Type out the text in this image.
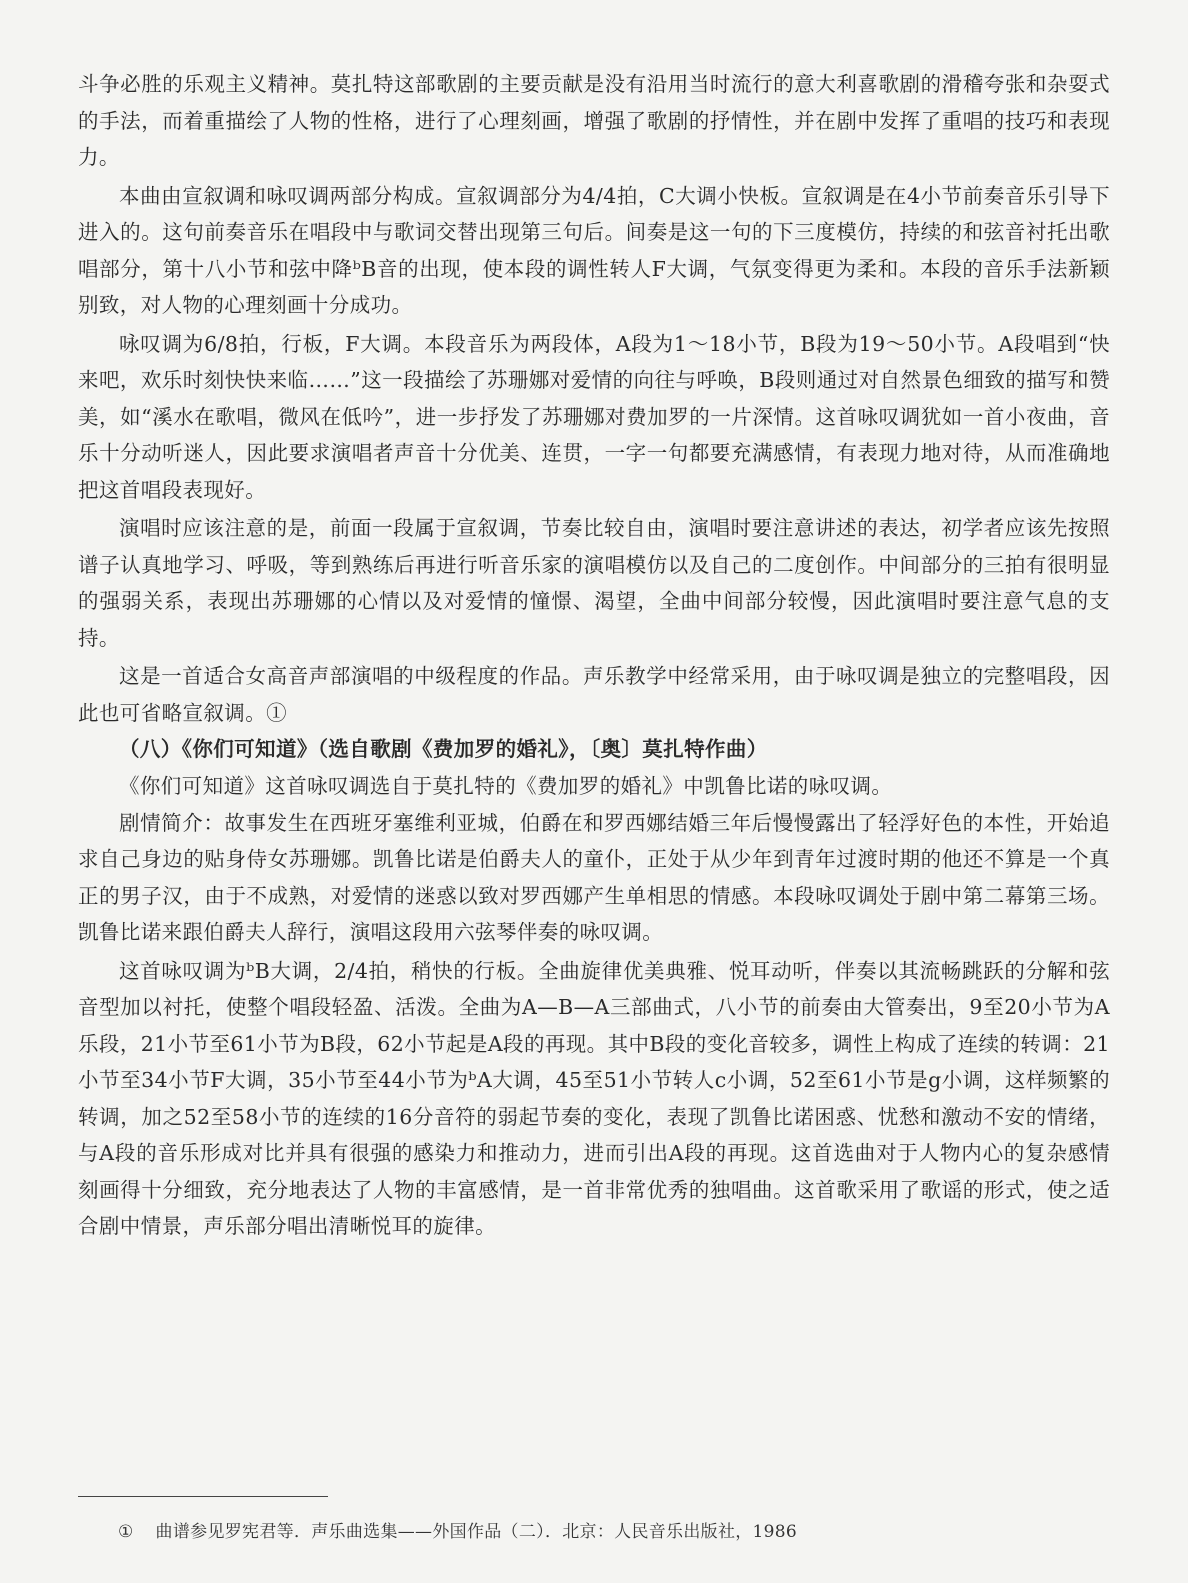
斗争必胜的乐观主义精神。莫扎特这部歌剧的主要贡献是没有沿用当时流行的意大利喜歌剧的滑稽夸张和杂耍式的手法，而着重描绘了人物的性格，进行了心理刻画，增强了歌剧的抒情性，并在剧中发挥了重唱的技巧和表现力。

本曲由宣叙调和咏叹调两部分构成。宣叙调部分为4/4拍，C大调小快板。宣叙调是在4小节前奏音乐引导下进入的。这句前奏音乐在唱段中与歌词交替出现第三句后。间奏是这一句的下三度模仿，持续的和弦音衬托出歌唱部分，第十八小节和弦中降ᵇB音的出现，使本段的调性转人F大调，气氛变得更为柔和。本段的音乐手法新颖别致，对人物的心理刻画十分成功。

咏叹调为6/8拍，行板，F大调。本段音乐为两段体，A段为1～18小节，B段为19～50小节。A段唱到“快来吧，欢乐时刻快快来临……”这一段描绘了苏珊娜对爱情的向往与呼唤，B段则通过对自然景色细致的描写和赞美，如“溪水在歌唱，微风在低吟”，进一步抒发了苏珊娜对费加罗的一片深情。这首咏叹调犹如一首小夜曲，音乐十分动听迷人，因此要求演唱者声音十分优美、连贯，一字一句都要充满感情，有表现力地对待，从而准确地把这首唱段表现好。

演唱时应该注意的是，前面一段属于宣叙调，节奏比较自由，演唱时要注意讲述的表达，初学者应该先按照谱子认真地学习、呼吸，等到熟练后再进行听音乐家的演唱模仿以及自己的二度创作。中间部分的三拍有很明显的强弱关系，表现出苏珊娜的心情以及对爱情的憧憬、渴望，全曲中间部分较慢，因此演唱时要注意气息的支持。

这是一首适合女高音声部演唱的中级程度的作品。声乐教学中经常采用，由于咏叹调是独立的完整唱段，因此也可省略宣叙调。①

（八）《你们可知道》（选自歌剧《费加罗的婚礼》，〔奥〕莫扎特作曲）

《你们可知道》这首咏叹调选自于莫扎特的《费加罗的婚礼》中凯鲁比诺的咏叹调。

剧情简介：故事发生在西班牙塞维利亚城，伯爵在和罗西娜结婚三年后慢慢露出了轻浮好色的本性，开始追求自己身边的贴身侍女苏珊娜。凯鲁比诺是伯爵夫人的童仆，正处于从少年到青年过渡时期的他还不算是一个真正的男子汉，由于不成熟，对爱情的迷惑以致对罗西娜产生单相思的情感。本段咏叹调处于剧中第二幕第三场。凯鲁比诺来跟伯爵夫人辞行，演唱这段用六弦琴伴奏的咏叹调。

这首咏叹调为ᵇB大调，2/4拍，稍快的行板。全曲旋律优美典雅、悦耳动听，伴奏以其流畅跳跃的分解和弦音型加以衬托，使整个唱段轻盈、活泼。全曲为A—B—A三部曲式，八小节的前奏由大管奏出，9至20小节为A乐段，21小节至61小节为B段，62小节起是A段的再现。其中B段的变化音较多，调性上构成了连续的转调：21小节至34小节F大调，35小节至44小节为ᵇA大调，45至51小节转人c小调，52至61小节是g小调，这样频繁的转调，加之52至58小节的连续的16分音符的弱起节奏的变化，表现了凯鲁比诺困惑、忧愁和激动不安的情绪，与A段的音乐形成对比并具有很强的感染力和推动力，进而引出A段的再现。这首选曲对于人物内心的复杂感情刻画得十分细致，充分地表达了人物的丰富感情，是一首非常优秀的独唱曲。这首歌采用了歌谣的形式，使之适合剧中情景，声乐部分唱出清晰悦耳的旋律。

① 曲谱参见罗宪君等．声乐曲选集——外国作品（二）．北京：人民音乐出版社，1986
